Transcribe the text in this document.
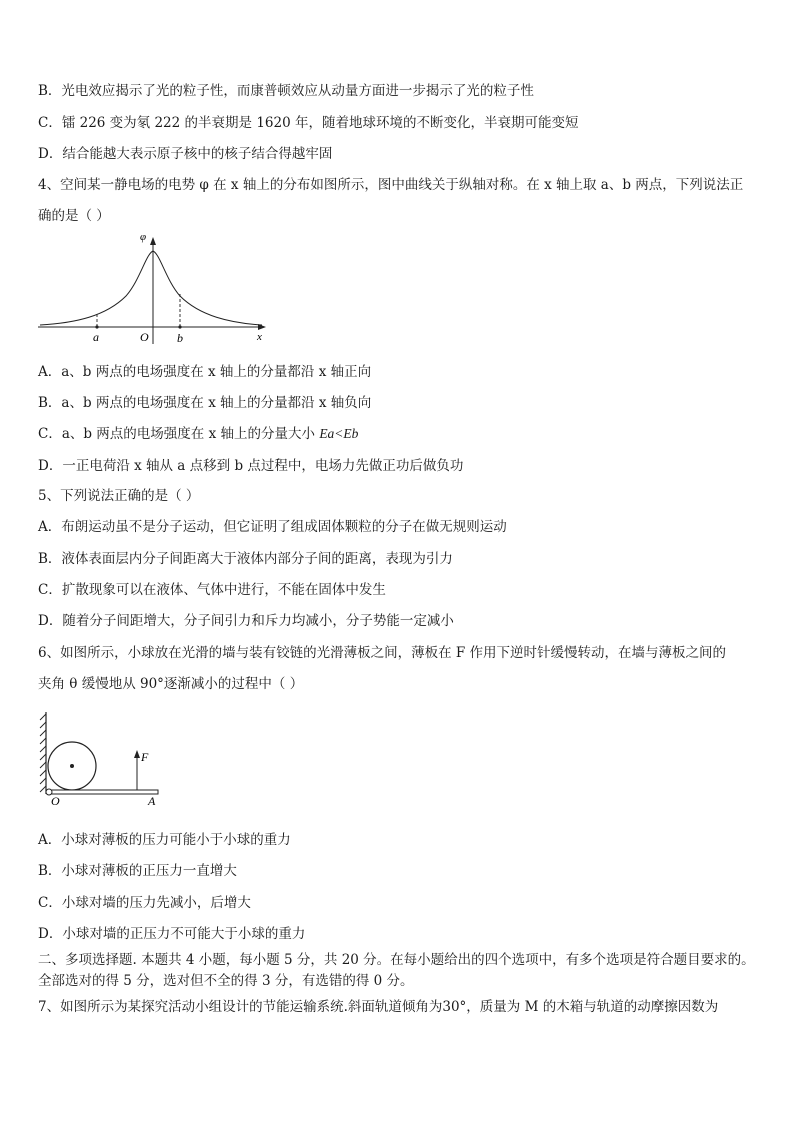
B．光电效应揭示了光的粒子性，而康普顿效应从动量方面进一步揭示了光的粒子性
C．镭 226 变为氡 222 的半衰期是 1620 年，随着地球环境的不断变化，半衰期可能变短
D．结合能越大表示原子核中的核子结合得越牢固
4、空间某一静电场的电势 φ 在 x 轴上的分布如图所示，图中曲线关于纵轴对称。在 x 轴上取 a、b 两点，下列说法正
确的是（ ）
φ
x
O
a	b
A．a、b 两点的电场强度在 x 轴上的分量都沿 x 轴正向
B．a、b 两点的电场强度在 x 轴上的分量都沿 x 轴负向
C．a、b 两点的电场强度在 x 轴上的分量大小 Ea<Eb
D．一正电荷沿 x 轴从 a 点移到 b 点过程中，电场力先做正功后做负功
5、下列说法正确的是（ ）
A．布朗运动虽不是分子运动，但它证明了组成固体颗粒的分子在做无规则运动
B．液体表面层内分子间距离大于液体内部分子间的距离，表现为引力
C．扩散现象可以在液体、气体中进行，不能在固体中发生
D．随着分子间距增大，分子间引力和斥力均减小，分子势能一定减小
6、如图所示，小球放在光滑的墙与装有铰链的光滑薄板之间，薄板在 F 作用下逆时针缓慢转动，在墙与薄板之间的
夹角 θ 缓慢地从 90°逐渐减小的过程中（ ）
F
O	A
A．小球对薄板的压力可能小于小球的重力
B．小球对薄板的正压力一直增大
C．小球对墙的压力先减小，后增大
D．小球对墙的正压力不可能大于小球的重力
二、多项选择题. 本题共 4 小题，每小题 5 分，共 20 分。在每小题给出的四个选项中，有多个选项是符合题目要求的。
全部选对的得 5 分，选对但不全的得 3 分，有选错的得 0 分。
7、如图所示为某探究活动小组设计的节能运输系统.斜面轨道倾角为30°，质量为 M 的木箱与轨道的动摩擦因数为
